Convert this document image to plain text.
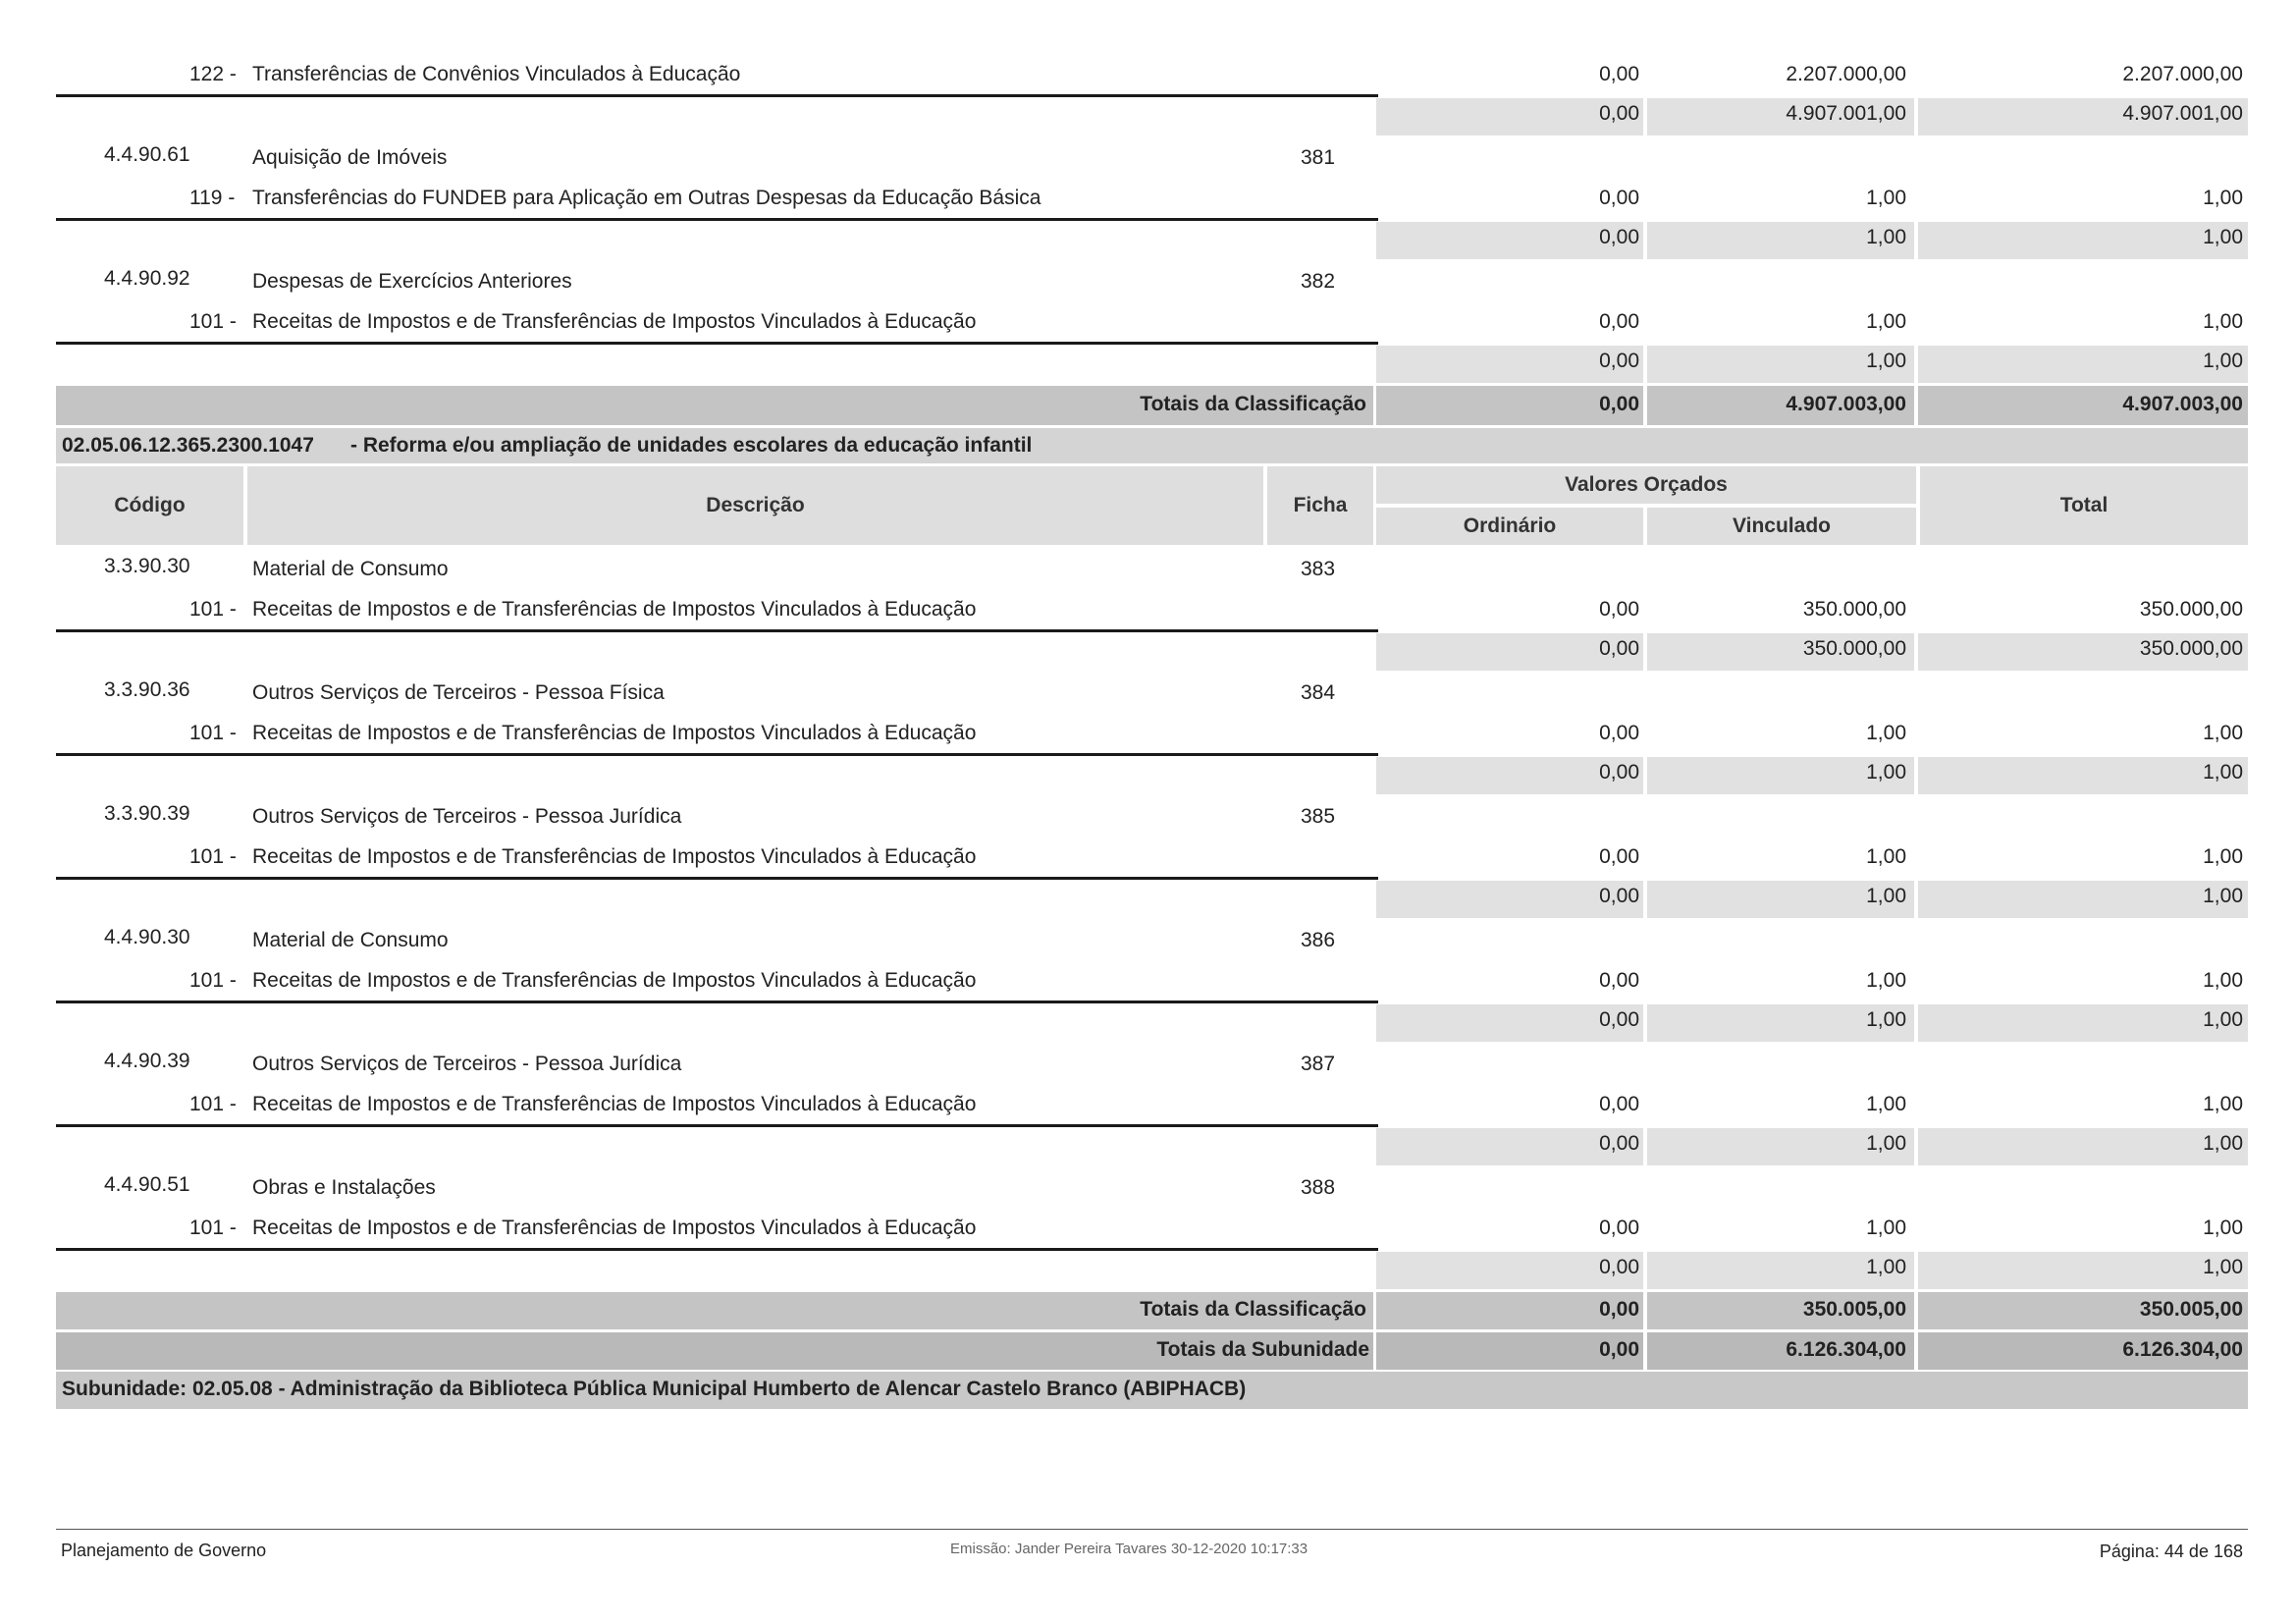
122 - Transferências de Convênios Vinculados à Educação	0,00	2.207.000,00	2.207.000,00
0,00	4.907.001,00	4.907.001,00
4.4.90.61	Aquisição de Imóveis	381
119 - Transferências do FUNDEB para Aplicação em Outras Despesas da Educação Básica	0,00	1,00	1,00
0,00	1,00	1,00
4.4.90.92	Despesas de Exercícios Anteriores	382
101 - Receitas de Impostos e de Transferências de Impostos Vinculados à Educação	0,00	1,00	1,00
0,00	1,00	1,00
Totais da Classificação	0,00	4.907.003,00	4.907.003,00
02.05.06.12.365.2300.1047 - Reforma e/ou ampliação de unidades escolares da educação infantil
Código	Descrição	Ficha
Valores Orçados
Ordinário	Vinculado
Total
3.3.90.30	Material de Consumo	383
101 - Receitas de Impostos e de Transferências de Impostos Vinculados à Educação	0,00	350.000,00	350.000,00
0,00	350.000,00	350.000,00
3.3.90.36	Outros Serviços de Terceiros - Pessoa Física	384
101 - Receitas de Impostos e de Transferências de Impostos Vinculados à Educação	0,00	1,00	1,00
0,00	1,00	1,00
3.3.90.39	Outros Serviços de Terceiros - Pessoa Jurídica	385
101 - Receitas de Impostos e de Transferências de Impostos Vinculados à Educação	0,00	1,00	1,00
0,00	1,00	1,00
4.4.90.30	Material de Consumo	386
101 - Receitas de Impostos e de Transferências de Impostos Vinculados à Educação	0,00	1,00	1,00
0,00	1,00	1,00
4.4.90.39	Outros Serviços de Terceiros - Pessoa Jurídica	387
101 - Receitas de Impostos e de Transferências de Impostos Vinculados à Educação	0,00	1,00	1,00
0,00	1,00	1,00
4.4.90.51	Obras e Instalações	388
101 - Receitas de Impostos e de Transferências de Impostos Vinculados à Educação	0,00	1,00	1,00
0,00	1,00	1,00
Totais da Classificação	0,00	350.005,00	350.005,00
Totais da Subunidade	0,00	6.126.304,00	6.126.304,00
Subunidade: 02.05.08 - Administração da Biblioteca Pública Municipal Humberto de Alencar Castelo Branco (ABIPHACB)
Planejamento de Governo	Emissão: Jander Pereira Tavares 30-12-2020 10:17:33	Página: 44 de 168
